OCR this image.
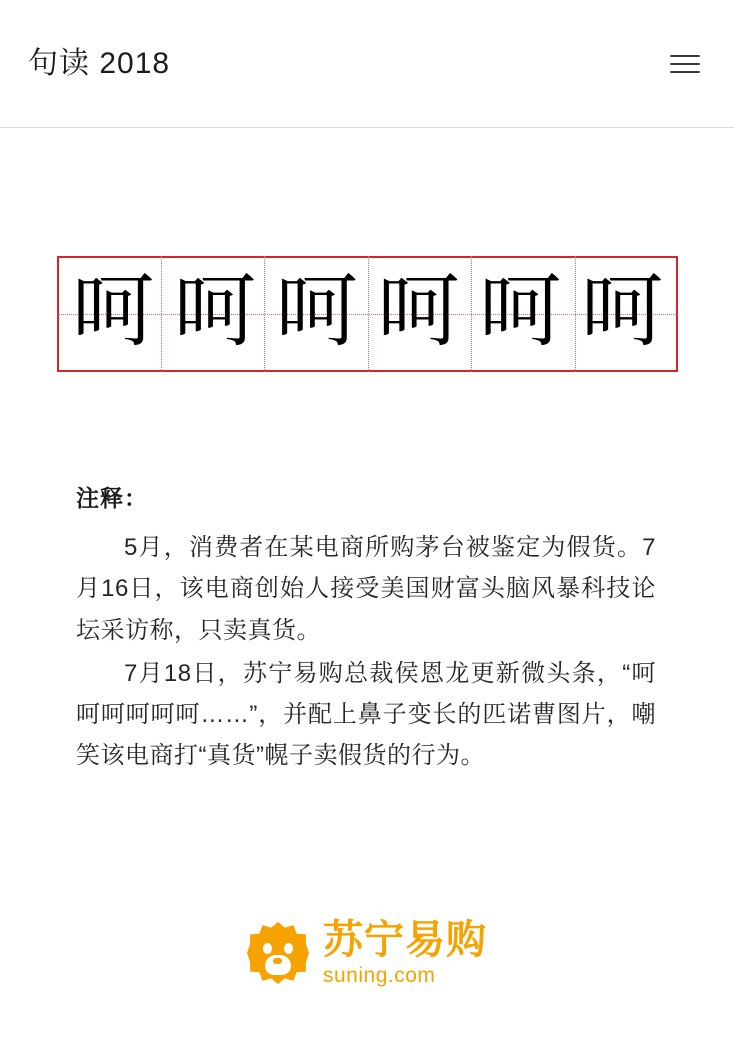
句读 2018
呵 呵 呵 呵 呵 呵

注释：

5月，消费者在某电商所购茅台被鉴定为假货。7月16日，该电商创始人接受美国财富头脑风暴科技论坛采访称，只卖真货。

7月18日，苏宁易购总裁侯恩龙更新微头条，“呵呵呵呵呵呵……”，并配上鼻子变长的匹诺曹图片，嘲笑该电商打“真货”幌子卖假货的行为。

苏宁易购
suning.com
